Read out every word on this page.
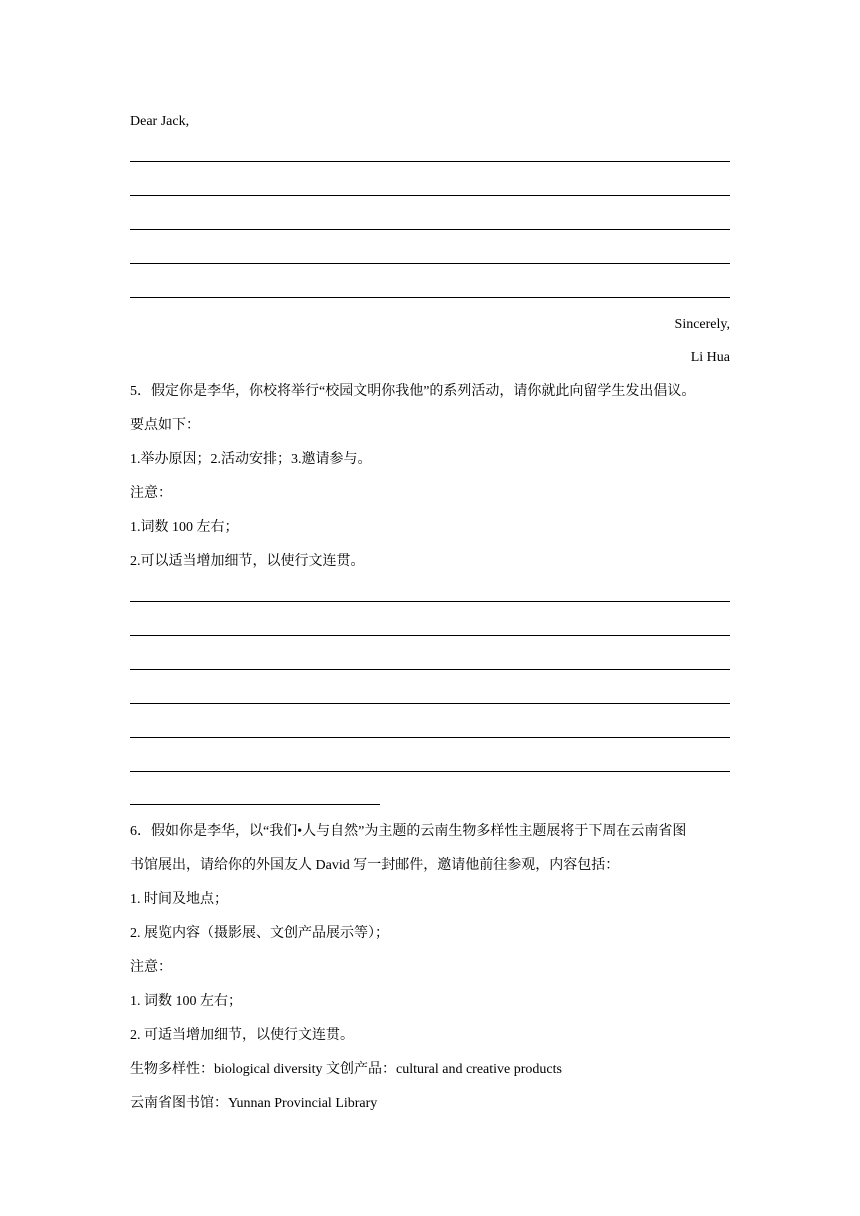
Dear Jack,
Sincerely,
Li Hua
5．假定你是李华，你校将举行“校园文明你我他”的系列活动，请你就此向留学生发出倡议。
要点如下：
1.举办原因；2.活动安排；3.邀请参与。
注意：
1.词数 100 左右；
2.可以适当增加细节，以使行文连贯。
6．假如你是李华，以“我们•人与自然”为主题的云南生物多样性主题展将于下周在云南省图
书馆展出，请给你的外国友人 David 写一封邮件，邀请他前往参观，内容包括：
1. 时间及地点；
2. 展览内容（摄影展、文创产品展示等）；
注意：
1. 词数 100 左右；
2. 可适当增加细节，以使行文连贯。
生物多样性：biological diversity 文创产品：cultural and creative products
云南省图书馆：Yunnan Provincial Library
